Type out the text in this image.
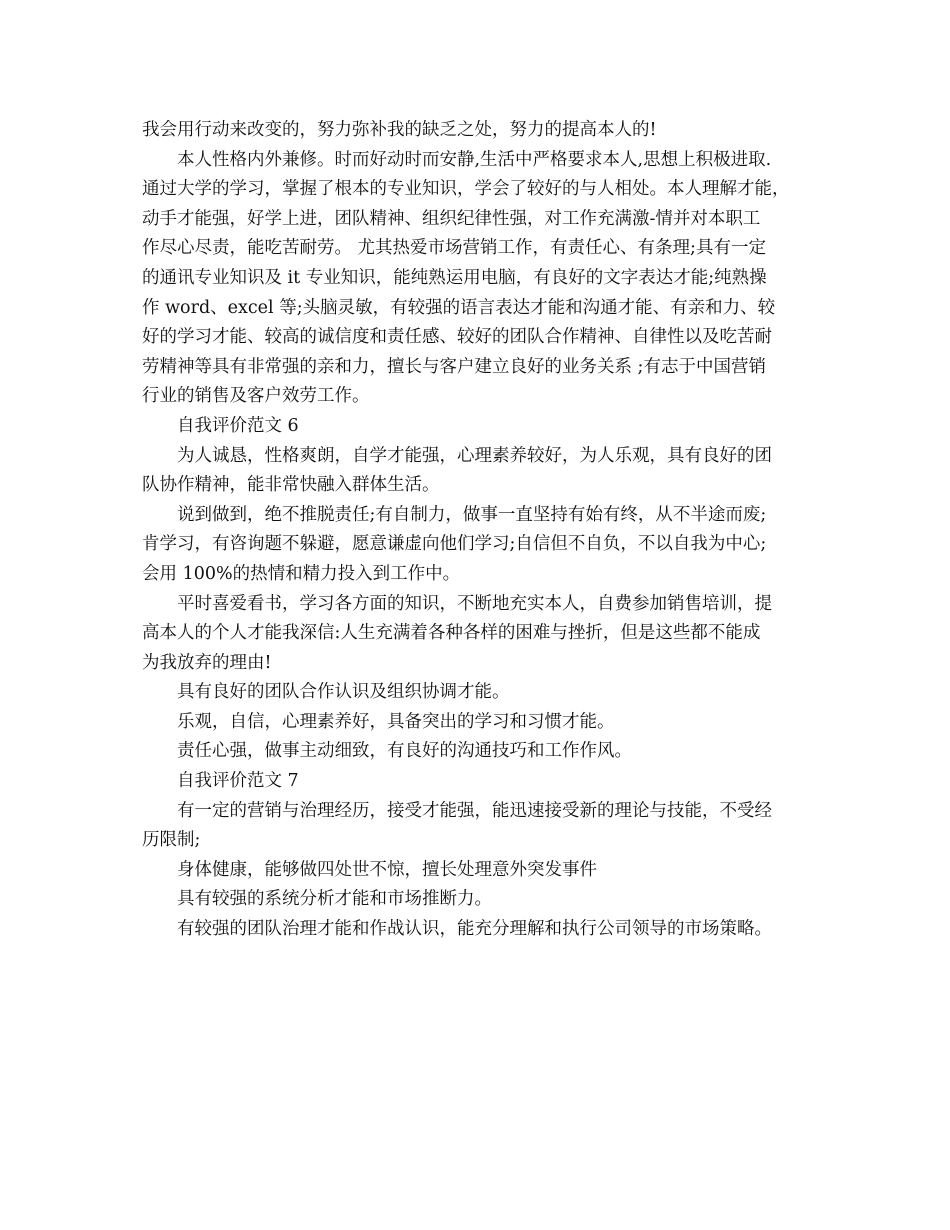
我会用行动来改变的，努力弥补我的缺乏之处，努力的提高本人的!
本人性格内外兼修。时而好动时而安静,生活中严格要求本人,思想上积极进取.
通过大学的学习，掌握了根本的专业知识，学会了较好的与人相处。本人理解才能，
动手才能强，好学上进，团队精神、组织纪律性强，对工作充满激-情并对本职工
作尽心尽责，能吃苦耐劳。 尤其热爱市场营销工作，有责任心、有条理;具有一定
的通讯专业知识及 it 专业知识，能纯熟运用电脑，有良好的文字表达才能;纯熟操
作 word、excel 等;头脑灵敏，有较强的语言表达才能和沟通才能、有亲和力、较
好的学习才能、较高的诚信度和责任感、较好的团队合作精神、自律性以及吃苦耐
劳精神等具有非常强的亲和力，擅长与客户建立良好的业务关系 ;有志于中国营销
行业的销售及客户效劳工作。
自我评价范文 6
为人诚恳，性格爽朗，自学才能强，心理素养较好，为人乐观，具有良好的团
队协作精神，能非常快融入群体生活。
说到做到，绝不推脱责任;有自制力，做事一直坚持有始有终，从不半途而废;
肯学习，有咨询题不躲避，愿意谦虚向他们学习;自信但不自负，不以自我为中心;
会用 100%的热情和精力投入到工作中。
平时喜爱看书，学习各方面的知识，不断地充实本人，自费参加销售培训，提
高本人的个人才能我深信:人生充满着各种各样的困难与挫折，但是这些都不能成
为我放弃的理由!
具有良好的团队合作认识及组织协调才能。
乐观，自信，心理素养好，具备突出的学习和习惯才能。
责任心强，做事主动细致，有良好的沟通技巧和工作作风。
自我评价范文 7
有一定的营销与治理经历，接受才能强，能迅速接受新的理论与技能，不受经
历限制;
身体健康，能够做四处世不惊，擅长处理意外突发事件
具有较强的系统分析才能和市场推断力。
有较强的团队治理才能和作战认识，能充分理解和执行公司领导的市场策略。
